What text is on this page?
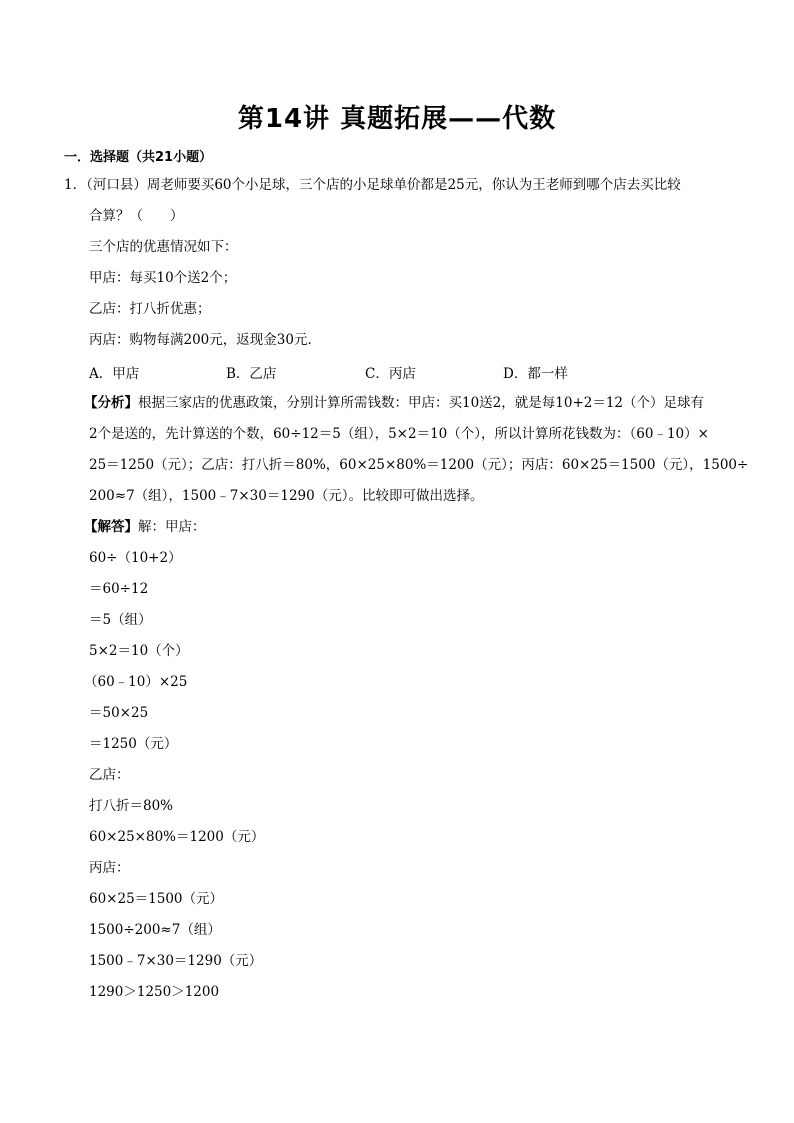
第14讲 真题拓展——代数
一．选择题（共21小题）
1．（河口县）周老师要买60个小足球，三个店的小足球单价都是25元，你认为王老师到哪个店去买比较
合算？（　　）
三个店的优惠情况如下：
甲店：每买10个送2个；
乙店：打八折优惠；
丙店：购物每满200元，返现金30元．
A．甲店	B．乙店	C．丙店	D．都一样
【分析】根据三家店的优惠政策，分别计算所需钱数：甲店：买10送2，就是每10+2＝12（个）足球有
2个是送的，先计算送的个数，60÷12＝5（组），5×2＝10（个），所以计算所花钱数为：（60﹣10）×
25＝1250（元）；乙店：打八折＝80%，60×25×80%＝1200（元）；丙店：60×25＝1500（元），1500÷
200≈7（组），1500﹣7×30＝1290（元）。比较即可做出选择。
【解答】解：甲店：
60÷（10+2）
＝60÷12
＝5（组）
5×2＝10（个）
（60﹣10）×25
＝50×25
＝1250（元）
乙店：
打八折＝80%
60×25×80%＝1200（元）
丙店：
60×25＝1500（元）
1500÷200≈7（组）
1500﹣7×30＝1290（元）
1290＞1250＞1200
